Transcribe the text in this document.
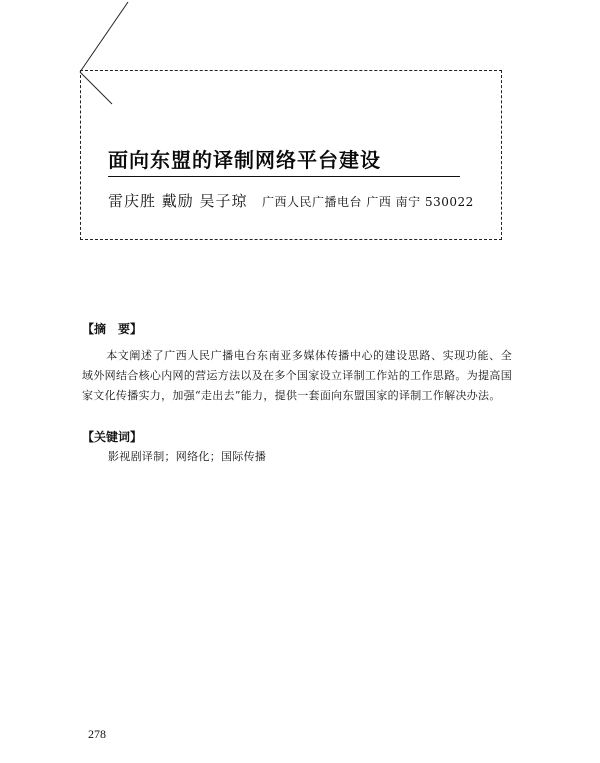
面向东盟的译制网络平台建设
雷庆胜 戴励 吴子琼 广西人民广播电台 广西 南宁 530022
【摘　要】
本文阐述了广西人民广播电台东南亚多媒体传播中心的建设思路、实现功能、全域外网结合核心内网的营运方法以及在多个国家设立译制工作站的工作思路。为提高国家文化传播实力，加强“走出去”能力，提供一套面向东盟国家的译制工作解决办法。
【关键词】
影视剧译制；网络化；国际传播
278
